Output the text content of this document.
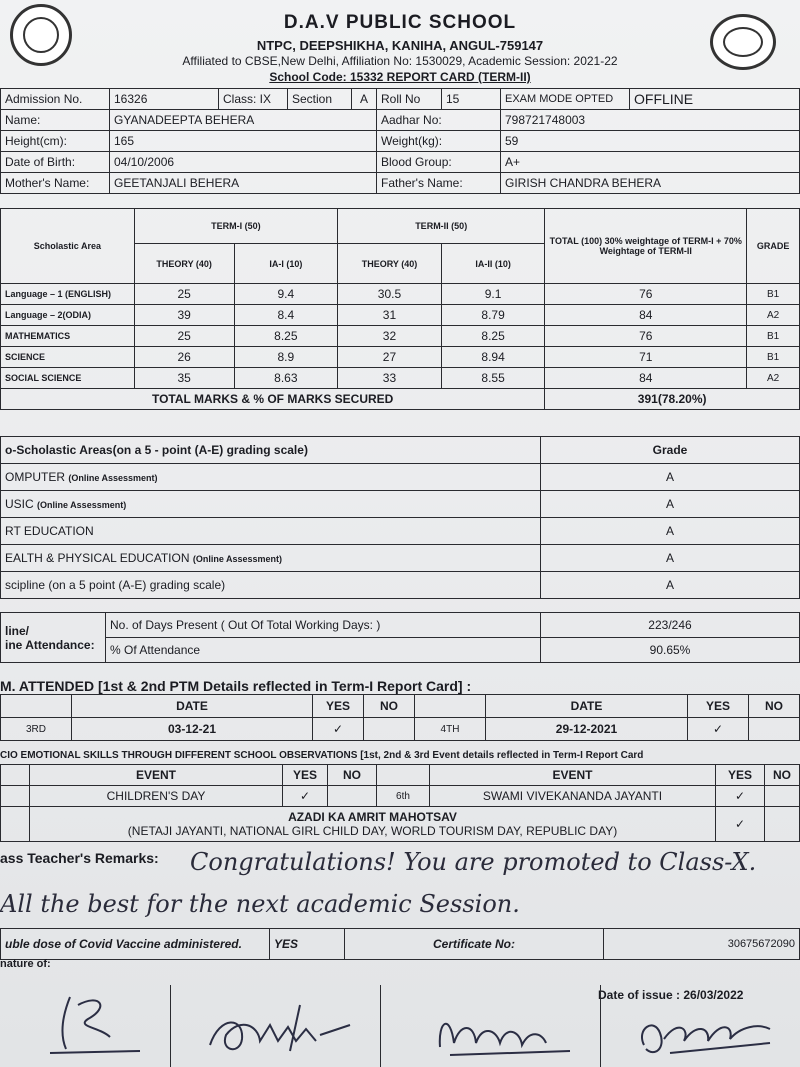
D.A.V PUBLIC SCHOOL
NTPC, DEEPSHIKHA, KANIHA, ANGUL-759147
Affiliated to CBSE,New Delhi, Affiliation No: 1530029, Academic Session: 2021-22
School Code: 15332 REPORT CARD (TERM-II)
Admission No.	16326	Class: IX	Section	A	Roll No	15	EXAM MODE OPTED	OFFLINE
Name:	GYANADEEPTA BEHERA				Aadhar No:		798721748003	
Height(cm):	165				Weight(kg):		59	
Date of Birth:	04/10/2006				Blood Group:		A+	
Mother's Name:	GEETANJALI BEHERA				Father's Name:		GIRISH CHANDRA BEHERA	
Scholastic Area	TERM-I (50)		TERM-II (50)		TOTAL (100) 30% weightage of TERM-I + 70% Weightage of TERM-II	GRADE
	THEORY (40)	IA-I (10)	THEORY (40)	IA-II (10)		
Language – 1 (ENGLISH)	25	9.4	30.5	9.1	76	B1
Language – 2(ODIA)	39	8.4	31	8.79	84	A2
MATHEMATICS	25	8.25	32	8.25	76	B1
SCIENCE	26	8.9	27	8.94	71	B1
SOCIAL SCIENCE	35	8.63	33	8.55	84	A2
TOTAL MARKS & % OF MARKS SECURED					391(78.20%)	
o-Scholastic Areas(on a 5 - point (A-E) grading scale)	Grade
OMPUTER (Online Assessment)	A
USIC (Online Assessment)	A
RT EDUCATION	A
EALTH & PHYSICAL EDUCATION (Online Assessment)	A
scipline (on a 5 point (A-E) grading scale)	A
line/
ine Attendance:	No. of Days Present ( Out Of Total Working Days: )	223/246
	% Of Attendance	90.65%
M. ATTENDED [1st & 2nd PTM Details reflected in Term-I Report Card] :
	DATE	YES	NO		DATE	YES	NO
3RD	03-12-21	✓		4TH	29-12-2021	✓	
CIO EMOTIONAL SKILLS THROUGH DIFFERENT SCHOOL OBSERVATIONS [1st, 2nd & 3rd Event details reflected in Term-I Report Card
	EVENT	YES	NO		EVENT	YES	NO
	CHILDREN'S DAY	✓		6th	SWAMI VIVEKANANDA JAYANTI	✓	
	AZADI KA AMRIT MAHOTSAV
(NETAJI JAYANTI, NATIONAL GIRL CHILD DAY, WORLD TOURISM DAY, REPUBLIC DAY)					✓	
ass Teacher's Remarks: Congratulations! You are promoted to Class-X.
All the best for the next academic Session.
uble dose of Covid Vaccine administered.	YES	Certificate No:	30675672090
nature of:
Date of issue : 26/03/2022
